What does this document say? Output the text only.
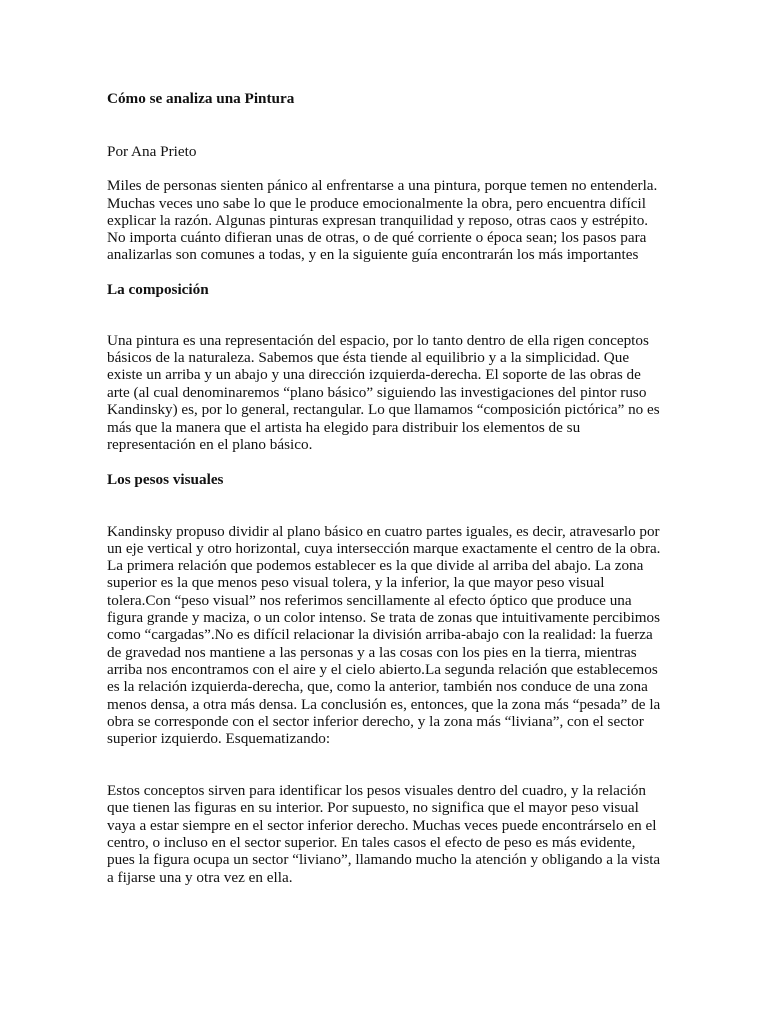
Cómo se analiza una Pintura
Por Ana Prieto
Miles de personas sienten pánico al enfrentarse a una pintura, porque temen no entenderla.
Muchas veces uno sabe lo que le produce emocionalmente la obra, pero encuentra difícil
explicar la razón. Algunas pinturas expresan tranquilidad y reposo, otras caos y estrépito.
No importa cuánto difieran unas de otras, o de qué corriente o época sean; los pasos para
analizarlas son comunes a todas, y en la siguiente guía encontrarán los más importantes
La composición
Una pintura es una representación del espacio, por lo tanto dentro de ella rigen conceptos
básicos de la naturaleza. Sabemos que ésta tiende al equilibrio y a la simplicidad. Que
existe un arriba y un abajo y una dirección izquierda-derecha. El soporte de las obras de
arte (al cual denominaremos “plano básico” siguiendo las investigaciones del pintor ruso
Kandinsky) es, por lo general, rectangular. Lo que llamamos “composición pictórica” no es
más que la manera que el artista ha elegido para distribuir los elementos de su
representación en el plano básico.
Los pesos visuales
Kandinsky propuso dividir al plano básico en cuatro partes iguales, es decir, atravesarlo por
un eje vertical y otro horizontal, cuya intersección marque exactamente el centro de la obra.
La primera relación que podemos establecer es la que divide al arriba del abajo. La zona
superior es la que menos peso visual tolera, y la inferior, la que mayor peso visual
tolera.Con “peso visual” nos referimos sencillamente al efecto óptico que produce una
figura grande y maciza, o un color intenso. Se trata de zonas que intuitivamente percibimos
como “cargadas”.No es difícil relacionar la división arriba-abajo con la realidad: la fuerza
de gravedad nos mantiene a las personas y a las cosas con los pies en la tierra, mientras
arriba nos encontramos con el aire y el cielo abierto.La segunda relación que establecemos
es la relación izquierda-derecha, que, como la anterior, también nos conduce de una zona
menos densa, a otra más densa. La conclusión es, entonces, que la zona más “pesada” de la
obra se corresponde con el sector inferior derecho, y la zona más “liviana”, con el sector
superior izquierdo. Esquematizando:
Estos conceptos sirven para identificar los pesos visuales dentro del cuadro, y la relación
que tienen las figuras en su interior. Por supuesto, no significa que el mayor peso visual
vaya a estar siempre en el sector inferior derecho. Muchas veces puede encontrárselo en el
centro, o incluso en el sector superior. En tales casos el efecto de peso es más evidente,
pues la figura ocupa un sector “liviano”, llamando mucho la atención y obligando a la vista
a fijarse una y otra vez en ella.
